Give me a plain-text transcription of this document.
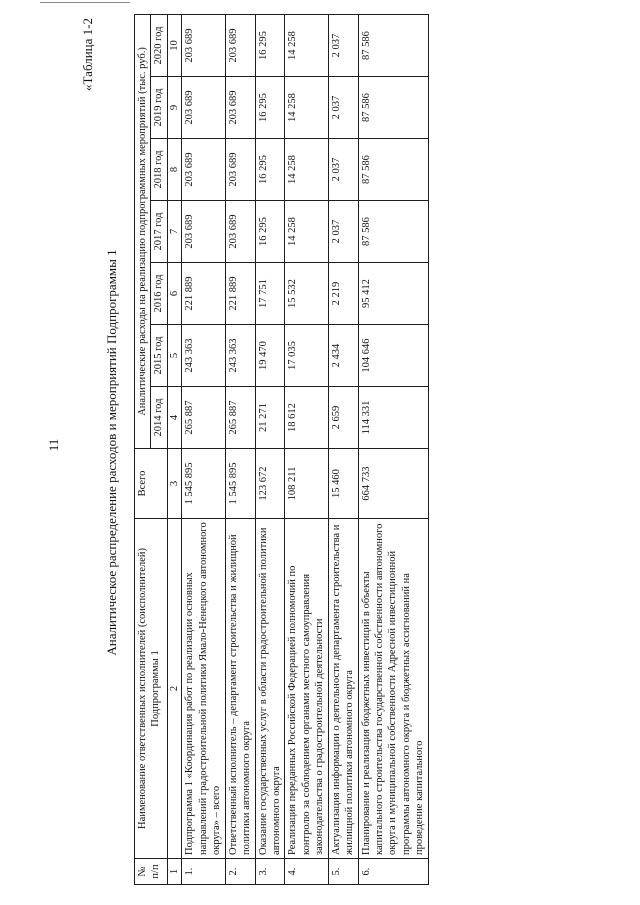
11
«Таблица 1-2
Аналитическое распределение расходов и мероприятий Подпрограммы 1
№ п/п	Наименование ответственных исполнителей (соисполнителей) Подпрограммы 1	Всего	Аналитические расходы на реализацию подпрограммных мероприятий (тыс. руб.)						
			2014 год	2015 год	2016 год	2017 год	2018 год	2019 год	2020 год
1	2	3	4	5	6	7	8	9	10
1.	Подпрограмма 1 «Координация работ по реализации основных направлений градостроительной политики Ямало-Ненецкого автономного округа» – всего	1 545 895	265 887	243 363	221 889	203 689	203 689	203 689	203 689
2.	Ответственный исполнитель – департамент строительства и жилищной политики автономного округа	1 545 895	265 887	243 363	221 889	203 689	203 689	203 689	203 689
3.	Оказание государственных услуг в области градостроительной политики автономного округа	123 672	21 271	19 470	17 751	16 295	16 295	16 295	16 295
4.	Реализация переданных Российской Федерацией полномочий по контролю за соблюдением органами местного самоуправления законодательства о градостроительной деятельности	108 211	18 612	17 035	15 532	14 258	14 258	14 258	14 258
5.	Актуализация информации о деятельности департамента строительства и жилищной политики автономного округа	15 460	2 659	2 434	2 219	2 037	2 037	2 037	2 037
6.	Планирование и реализация бюджетных инвестиций в объекты капитального строительства государственной собственности автономного округа и муниципальной собственности Адресной инвестиционной программы автономного округа и бюджетных ассигнований на проведение капитального	664 733	114 331	104 646	95 412	87 586	87 586	87 586	87 586
